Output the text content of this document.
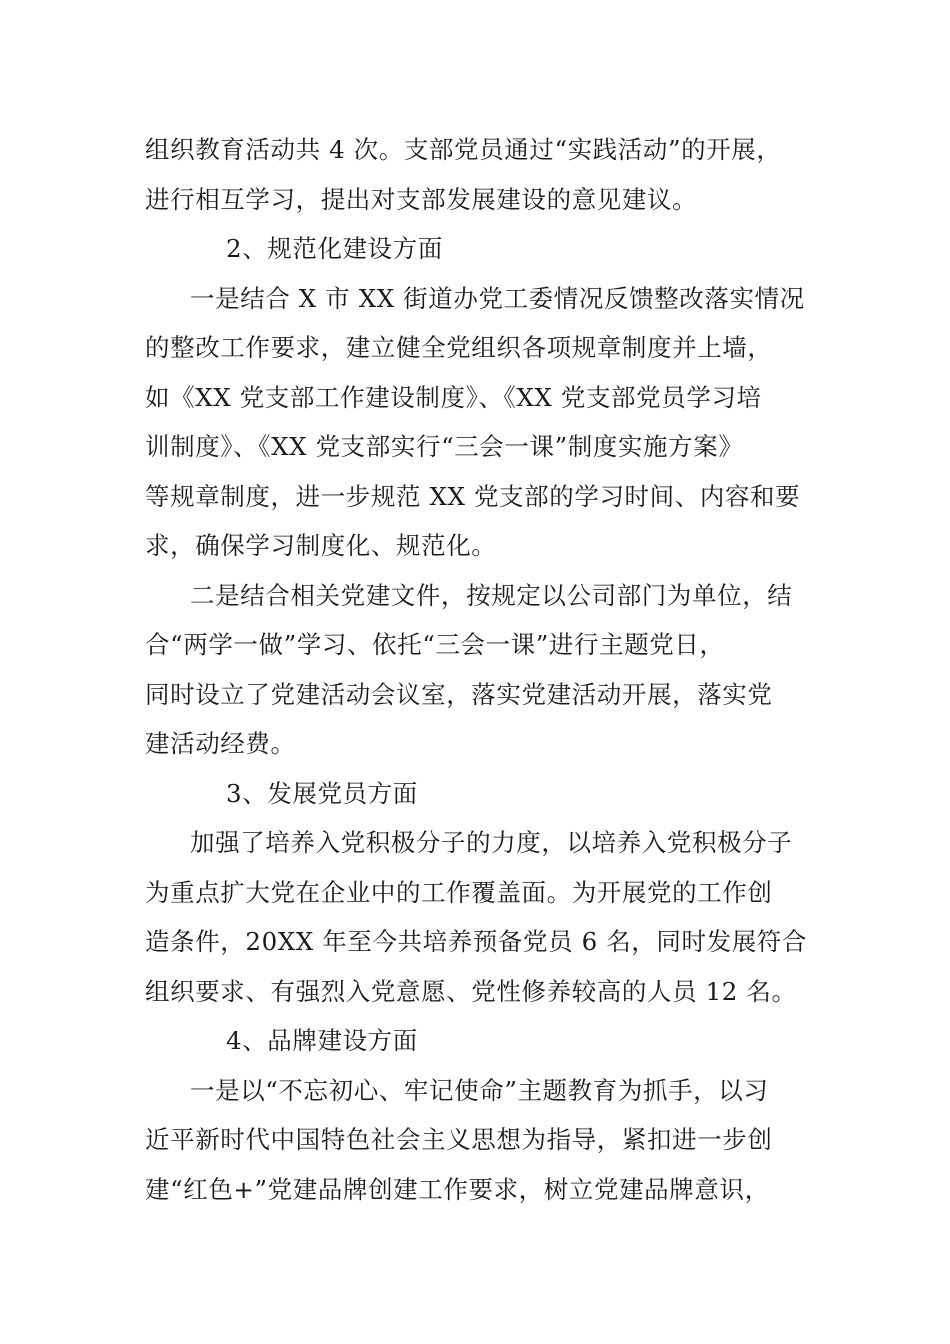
组织教育活动共 4 次。支部党员通过“实践活动”的开展，
进行相互学习，提出对支部发展建设的意见建议。
2、规范化建设方面
一是结合 X 市 XX 街道办党工委情况反馈整改落实情况
的整改工作要求，建立健全党组织各项规章制度并上墙，
如《XX 党支部工作建设制度》、《XX 党支部党员学习培
训制度》、《XX 党支部实行“三会一课”制度实施方案》
等规章制度，进一步规范 XX 党支部的学习时间、内容和要
求，确保学习制度化、规范化。
二是结合相关党建文件，按规定以公司部门为单位，结
合“两学一做”学习、依托“三会一课”进行主题党日，
同时设立了党建活动会议室，落实党建活动开展，落实党
建活动经费。
3、发展党员方面
加强了培养入党积极分子的力度，以培养入党积极分子
为重点扩大党在企业中的工作覆盖面。为开展党的工作创
造条件，20XX 年至今共培养预备党员 6 名，同时发展符合
组织要求、有强烈入党意愿、党性修养较高的人员 12 名。
4、品牌建设方面
一是以“不忘初心、牢记使命”主题教育为抓手，以习
近平新时代中国特色社会主义思想为指导，紧扣进一步创
建“红色+”党建品牌创建工作要求，树立党建品牌意识，
